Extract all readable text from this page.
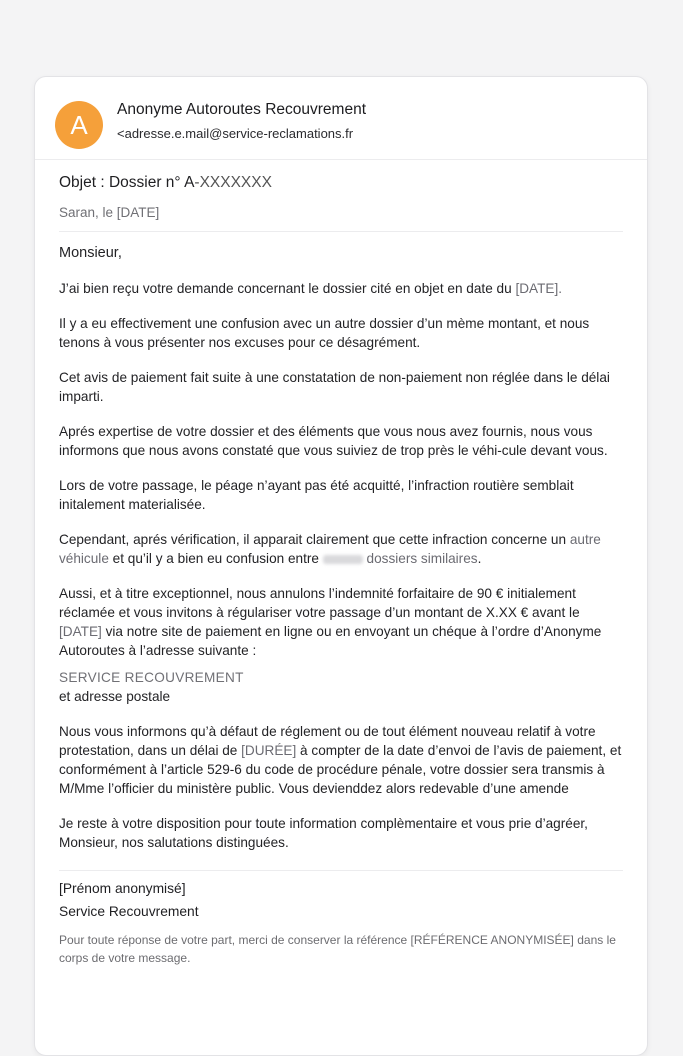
A
Anonyme Autoroutes Recouvrement
<adresse.e.mail@service-reclamations.fr

Objet : Dossier n° A-XXXXXXX

Saran, le [DATE]

Monsieur,

J’ai bien reçu votre demande concernant le dossier cité en objet en date du [DATE].

Il y a eu effectivement une confusion avec un autre dossier d’un mème montant, et nous tenons à vous présenter nos excuses pour ce désagrément.

Cet avis de paiement fait suite à une constatation de non-paiement non réglée dans le délai imparti.

Aprés expertise de votre dossier et des éléments que vous nous avez fournis, nous vous informons que nous avons constaté que vous suiviez de trop près le véhi-cule devant vous.

Lors de votre passage, le péage n’ayant pas été acquitté, l’infraction routière semblait initalement materialisée.

Cependant, aprés vérification, il apparait clairement que cette infraction concerne un autre véhicule et qu’il y a bien eu confusion entre	dossiers similaires.

Aussi, et à titre exceptionnel, nous annulons l’indemnité forfaitaire de 90 € initialement réclamée et vous invitons à régulariser votre passage d’un montant de X.XX € avant le [DATE] via notre site de paiement en ligne ou en envoyant un chéque à l’ordre d’Anonyme Autoroutes à l’adresse suivante :

SERVICE RECOUVREMENT
et adresse postale

Nous vous informons qu’à défaut de réglement ou de tout élément nouveau relatif à votre protestation, dans un délai de [DURÉE] à compter de la date d’envoi de l’avis de paiement, et conformément à l’article 529-6 du code de procédure pénale, votre dossier sera transmis à M/Mme l’officier du ministère public. Vous devienddez alors redevable d’une amende

Je reste à votre disposition pour toute information complèmentaire et vous prie d’agréer, Monsieur, nos salutations distinguées.

[Prénom anonymisé]
Service Recouvrement
Pour toute réponse de votre part, merci de conserver la référence [RÉFÉRENCE ANONYMISÉE] dans le corps de votre message.
